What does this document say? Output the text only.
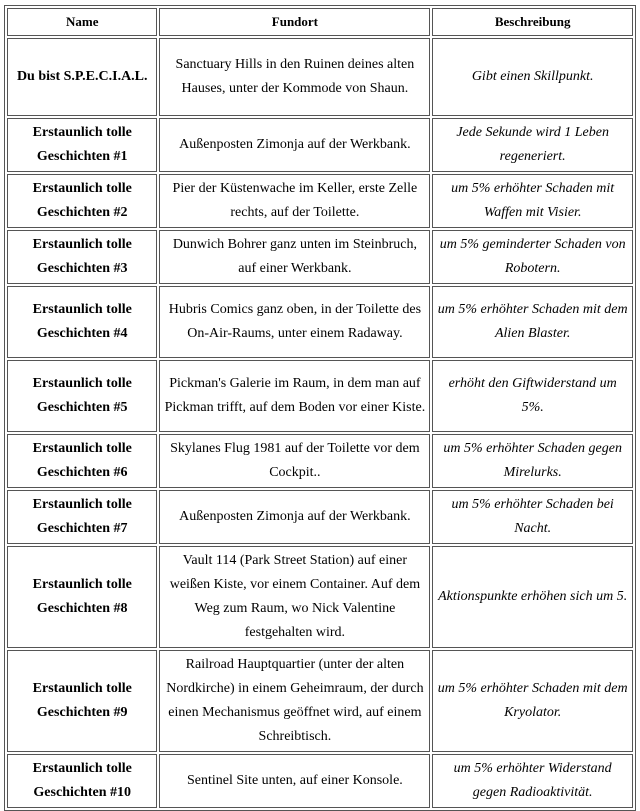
Name	Fundort	Beschreibung
Du bist S.P.E.C.I.A.L.	Sanctuary Hills in den Ruinen deines alten Hauses, unter der Kommode von Shaun.	Gibt einen Skillpunkt.
Erstaunlich tolle Geschichten #1	Außenposten Zimonja auf der Werkbank.	Jede Sekunde wird 1 Leben regeneriert.
Erstaunlich tolle Geschichten #2	Pier der Küstenwache im Keller, erste Zelle rechts, auf der Toilette.	um 5% erhöhter Schaden mit Waffen mit Visier.
Erstaunlich tolle Geschichten #3	Dunwich Bohrer ganz unten im Steinbruch, auf einer Werkbank.	um 5% geminderter Schaden von Robotern.
Erstaunlich tolle Geschichten #4	Hubris Comics ganz oben, in der Toilette des On-Air-Raums, unter einem Radaway.	um 5% erhöhter Schaden mit dem Alien Blaster.
Erstaunlich tolle Geschichten #5	Pickman's Galerie im Raum, in dem man auf Pickman trifft, auf dem Boden vor einer Kiste.	erhöht den Giftwiderstand um 5%.
Erstaunlich tolle Geschichten #6	Skylanes Flug 1981 auf der Toilette vor dem Cockpit..	um 5% erhöhter Schaden gegen Mirelurks.
Erstaunlich tolle Geschichten #7	Außenposten Zimonja auf der Werkbank.	um 5% erhöhter Schaden bei Nacht.
Erstaunlich tolle Geschichten #8	Vault 114 (Park Street Station) auf einer weißen Kiste, vor einem Container. Auf dem Weg zum Raum, wo Nick Valentine festgehalten wird.	Aktionspunkte erhöhen sich um 5.
Erstaunlich tolle Geschichten #9	Railroad Hauptquartier (unter der alten Nordkirche) in einem Geheimraum, der durch einen Mechanismus geöffnet wird, auf einem Schreibtisch.	um 5% erhöhter Schaden mit dem Kryolator.
Erstaunlich tolle Geschichten #10	Sentinel Site unten, auf einer Konsole.	um 5% erhöhter Widerstand gegen Radioaktivität.
